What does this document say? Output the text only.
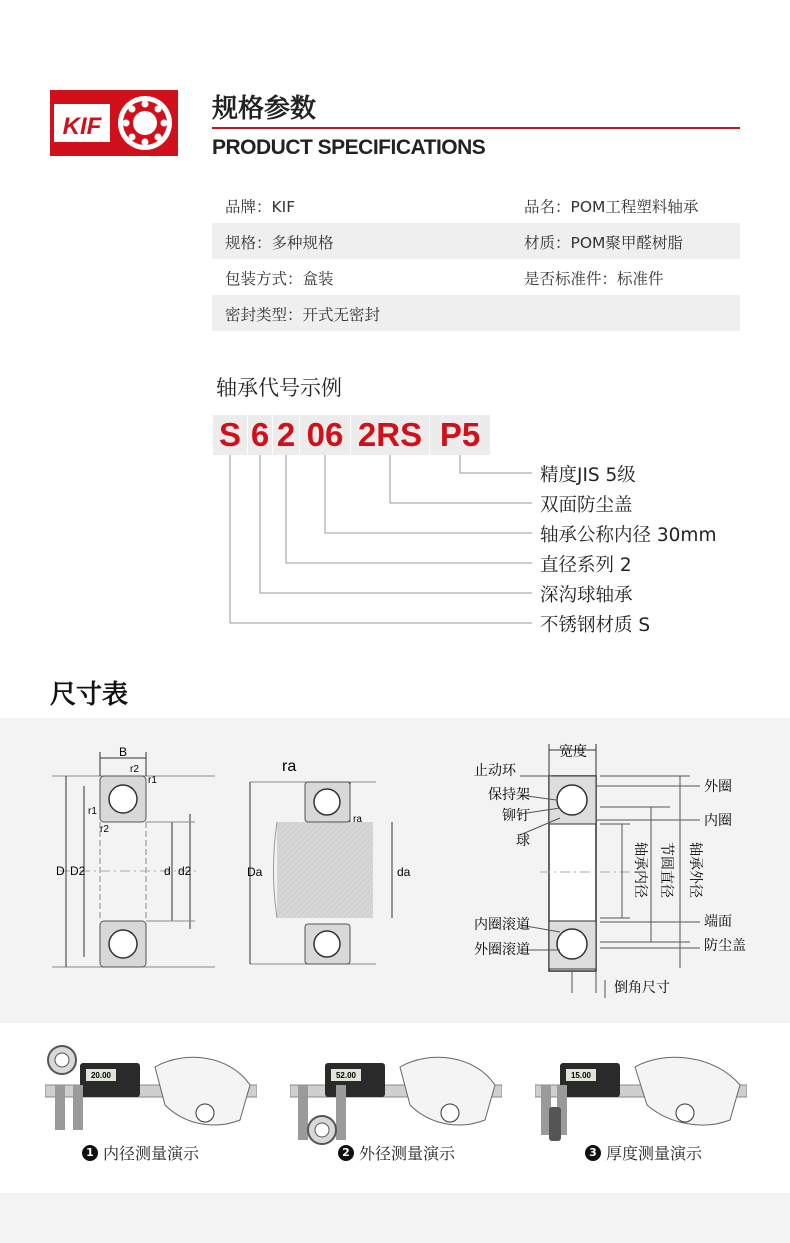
KIF
规格参数
PRODUCT SPECIFICATIONS
品牌：KIF	品名：POM工程塑料轴承
规格：多种规格	材质：POM聚甲醛树脂
包装方式：盒装	是否标准件：标准件
密封类型：开式无密封
轴承代号示例
S 6 2 06 2RS P5
精度JIS 5级
双面防尘盖
轴承公称内径 30mm
直径系列 2
深沟球轴承
不锈钢材质 S
尺寸表
B
r2
r1
r1
r2
D D2	d d2
ra
ra
Da	da
宽度
止动环
保持架
铆钉
球
外圈
内圈
轴承内径 节圆直径 轴承外径
内圈滚道
外圈滚道
端面
防尘盖
倒角尺寸
20.00
1 内径测量演示
52.00
2 外径测量演示
15.00
3 厚度测量演示
